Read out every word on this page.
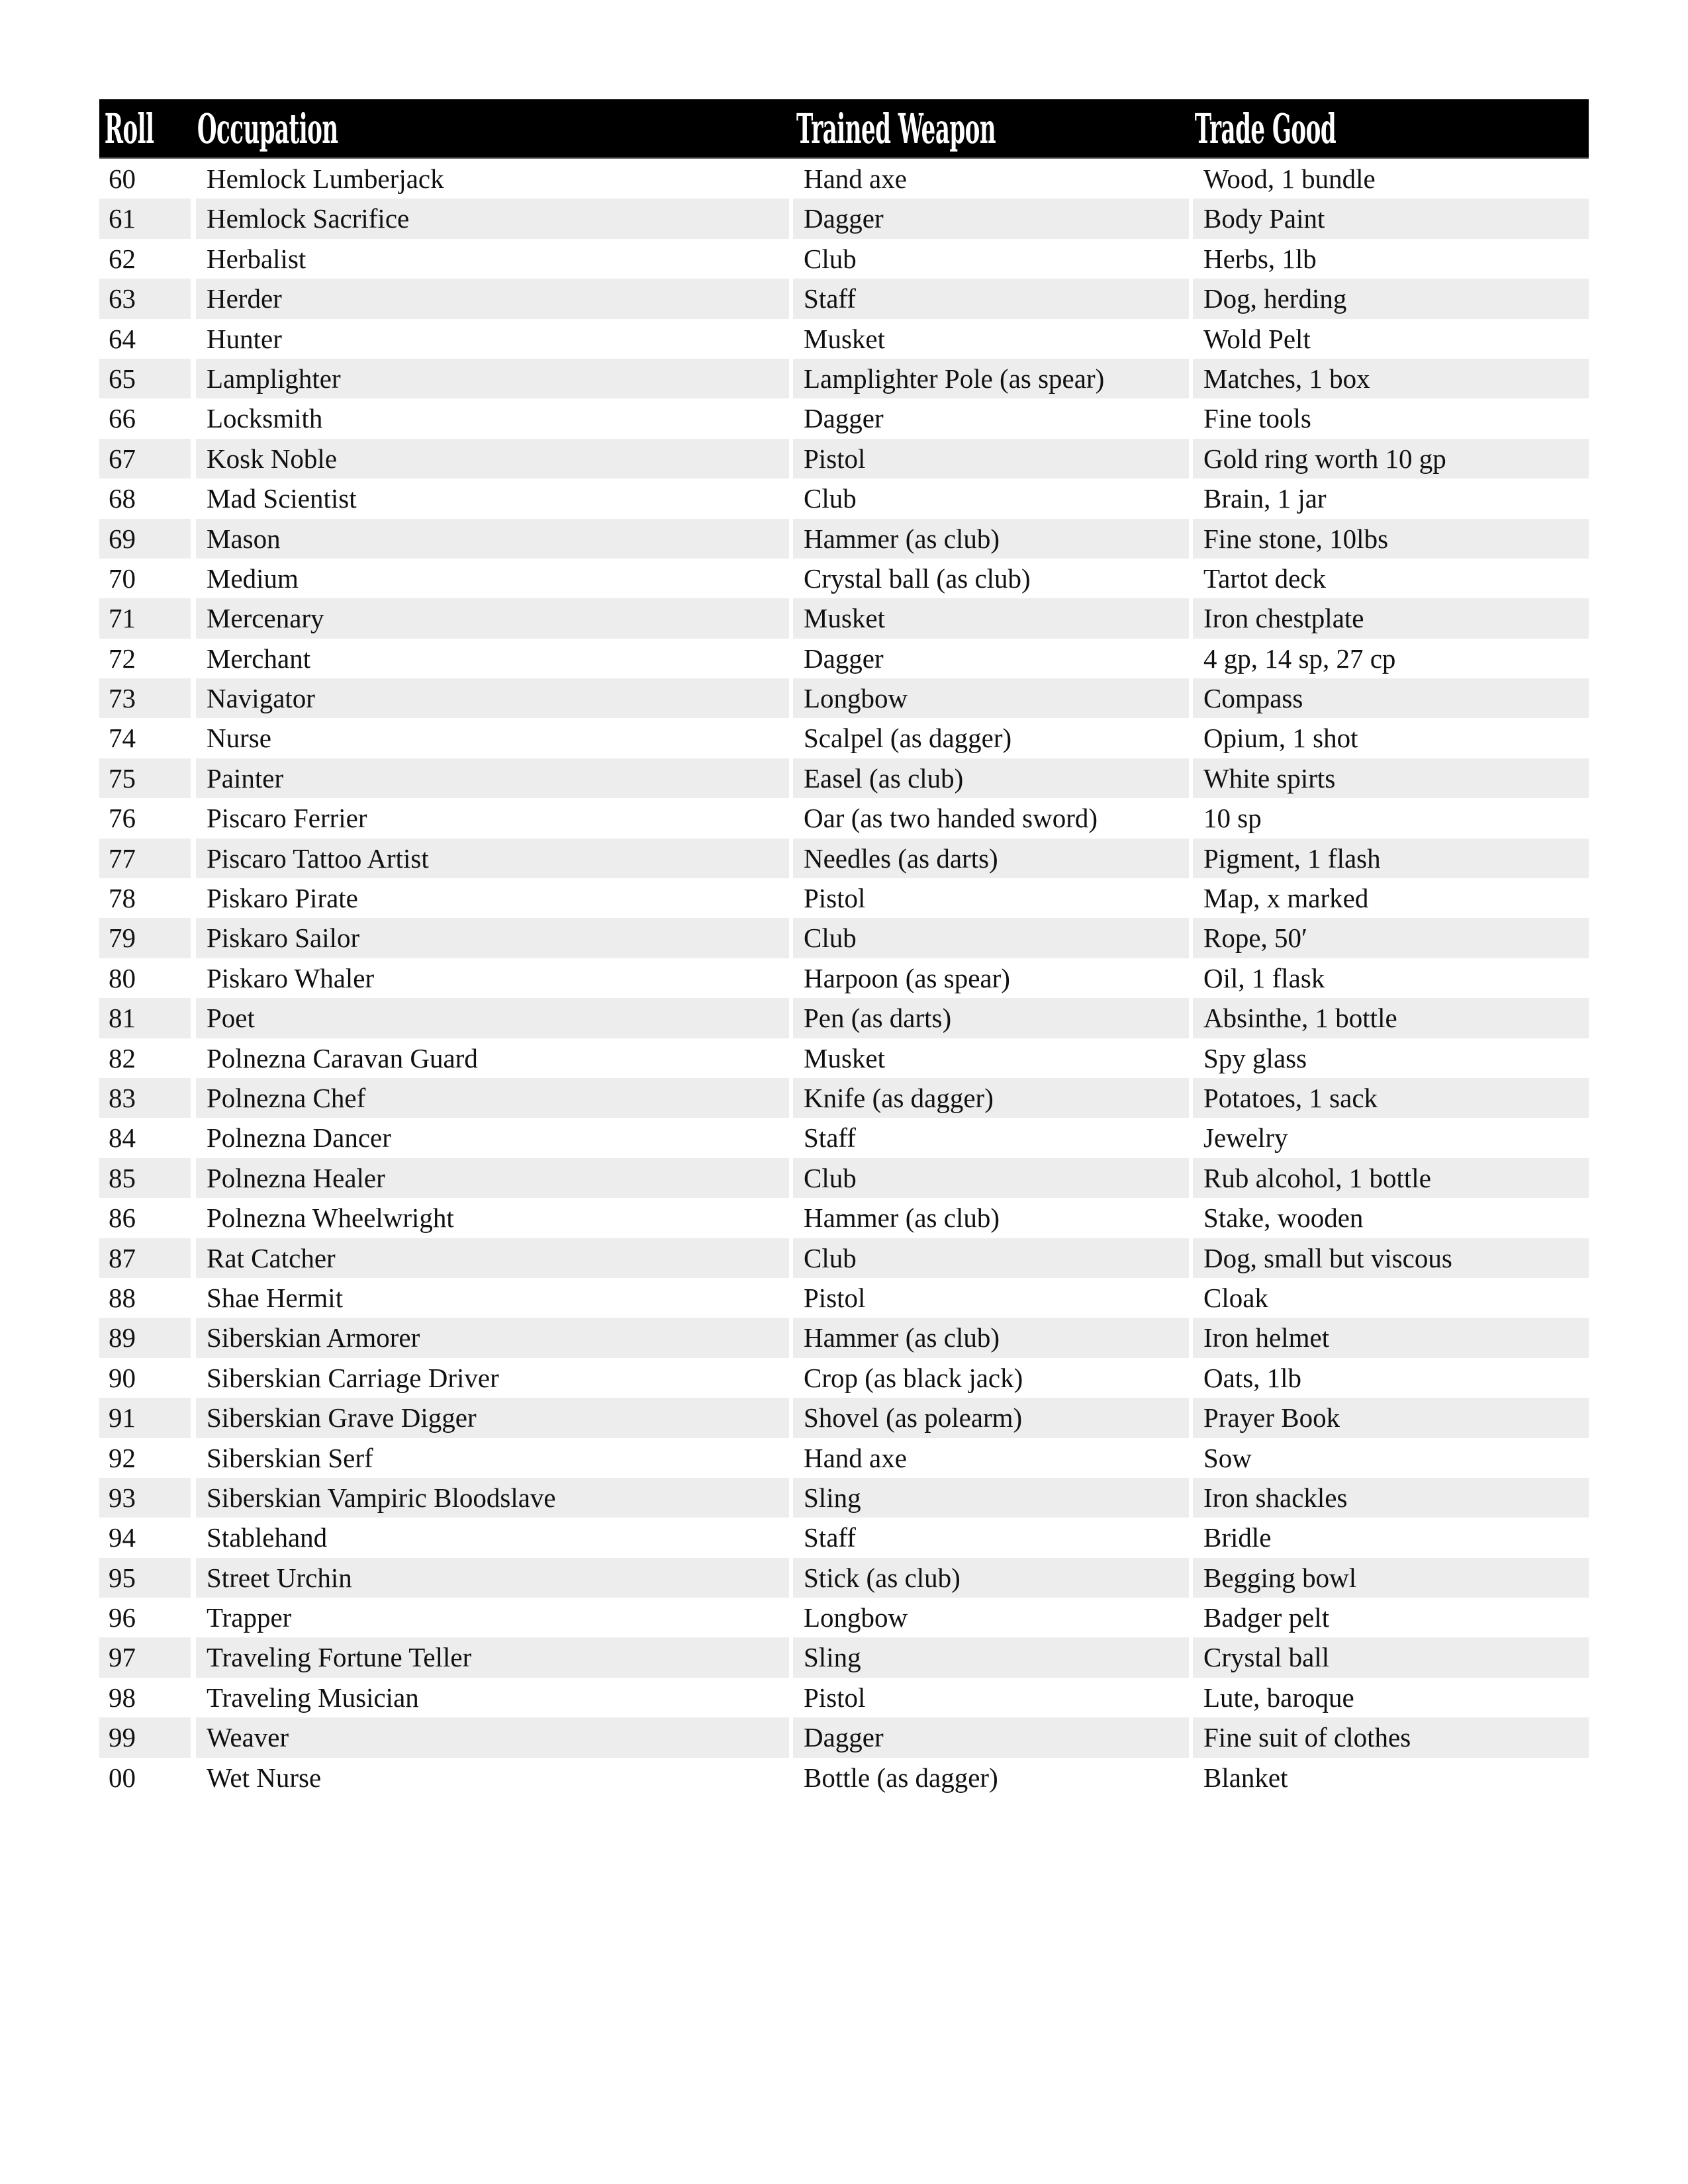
Roll Occupation	Trained Weapon	Trade Good
60	Hemlock Lumberjack	Hand axe	Wood, 1 bundle
61	Hemlock Sacrifice	Dagger	Body Paint
62	Herbalist	Club	Herbs, 1lb
63	Herder	Staff	Dog, herding
64	Hunter	Musket	Wold Pelt
65	Lamplighter	Lamplighter Pole (as spear)	Matches, 1 box
66	Locksmith	Dagger	Fine tools
67	Kosk Noble	Pistol	Gold ring worth 10 gp
68	Mad Scientist	Club	Brain, 1 jar
69	Mason	Hammer (as club)	Fine stone, 10lbs
70	Medium	Crystal ball (as club)	Tartot deck
71	Mercenary	Musket	Iron chestplate
72	Merchant	Dagger	4 gp, 14 sp, 27 cp
73	Navigator	Longbow	Compass
74	Nurse	Scalpel (as dagger)	Opium, 1 shot
75	Painter	Easel (as club)	White spirts
76	Piscaro Ferrier	Oar (as two handed sword)	10 sp
77	Piscaro Tattoo Artist	Needles (as darts)	Pigment, 1 flash
78	Piskaro Pirate	Pistol	Map, x marked
79	Piskaro Sailor	Club	Rope, 50′
80	Piskaro Whaler	Harpoon (as spear)	Oil, 1 flask
81	Poet	Pen (as darts)	Absinthe, 1 bottle
82	Polnezna Caravan Guard	Musket	Spy glass
83	Polnezna Chef	Knife (as dagger)	Potatoes, 1 sack
84	Polnezna Dancer	Staff	Jewelry
85	Polnezna Healer	Club	Rub alcohol, 1 bottle
86	Polnezna Wheelwright	Hammer (as club)	Stake, wooden
87	Rat Catcher	Club	Dog, small but viscous
88	Shae Hermit	Pistol	Cloak
89	Siberskian Armorer	Hammer (as club)	Iron helmet
90	Siberskian Carriage Driver	Crop (as black jack)	Oats, 1lb
91	Siberskian Grave Digger	Shovel (as polearm)	Prayer Book
92	Siberskian Serf	Hand axe	Sow
93	Siberskian Vampiric Bloodslave	Sling	Iron shackles
94	Stablehand	Staff	Bridle
95	Street Urchin	Stick (as club)	Begging bowl
96	Trapper	Longbow	Badger pelt
97	Traveling Fortune Teller	Sling	Crystal ball
98	Traveling Musician	Pistol	Lute, baroque
99	Weaver	Dagger	Fine suit of clothes
00	Wet Nurse	Bottle (as dagger)	Blanket
